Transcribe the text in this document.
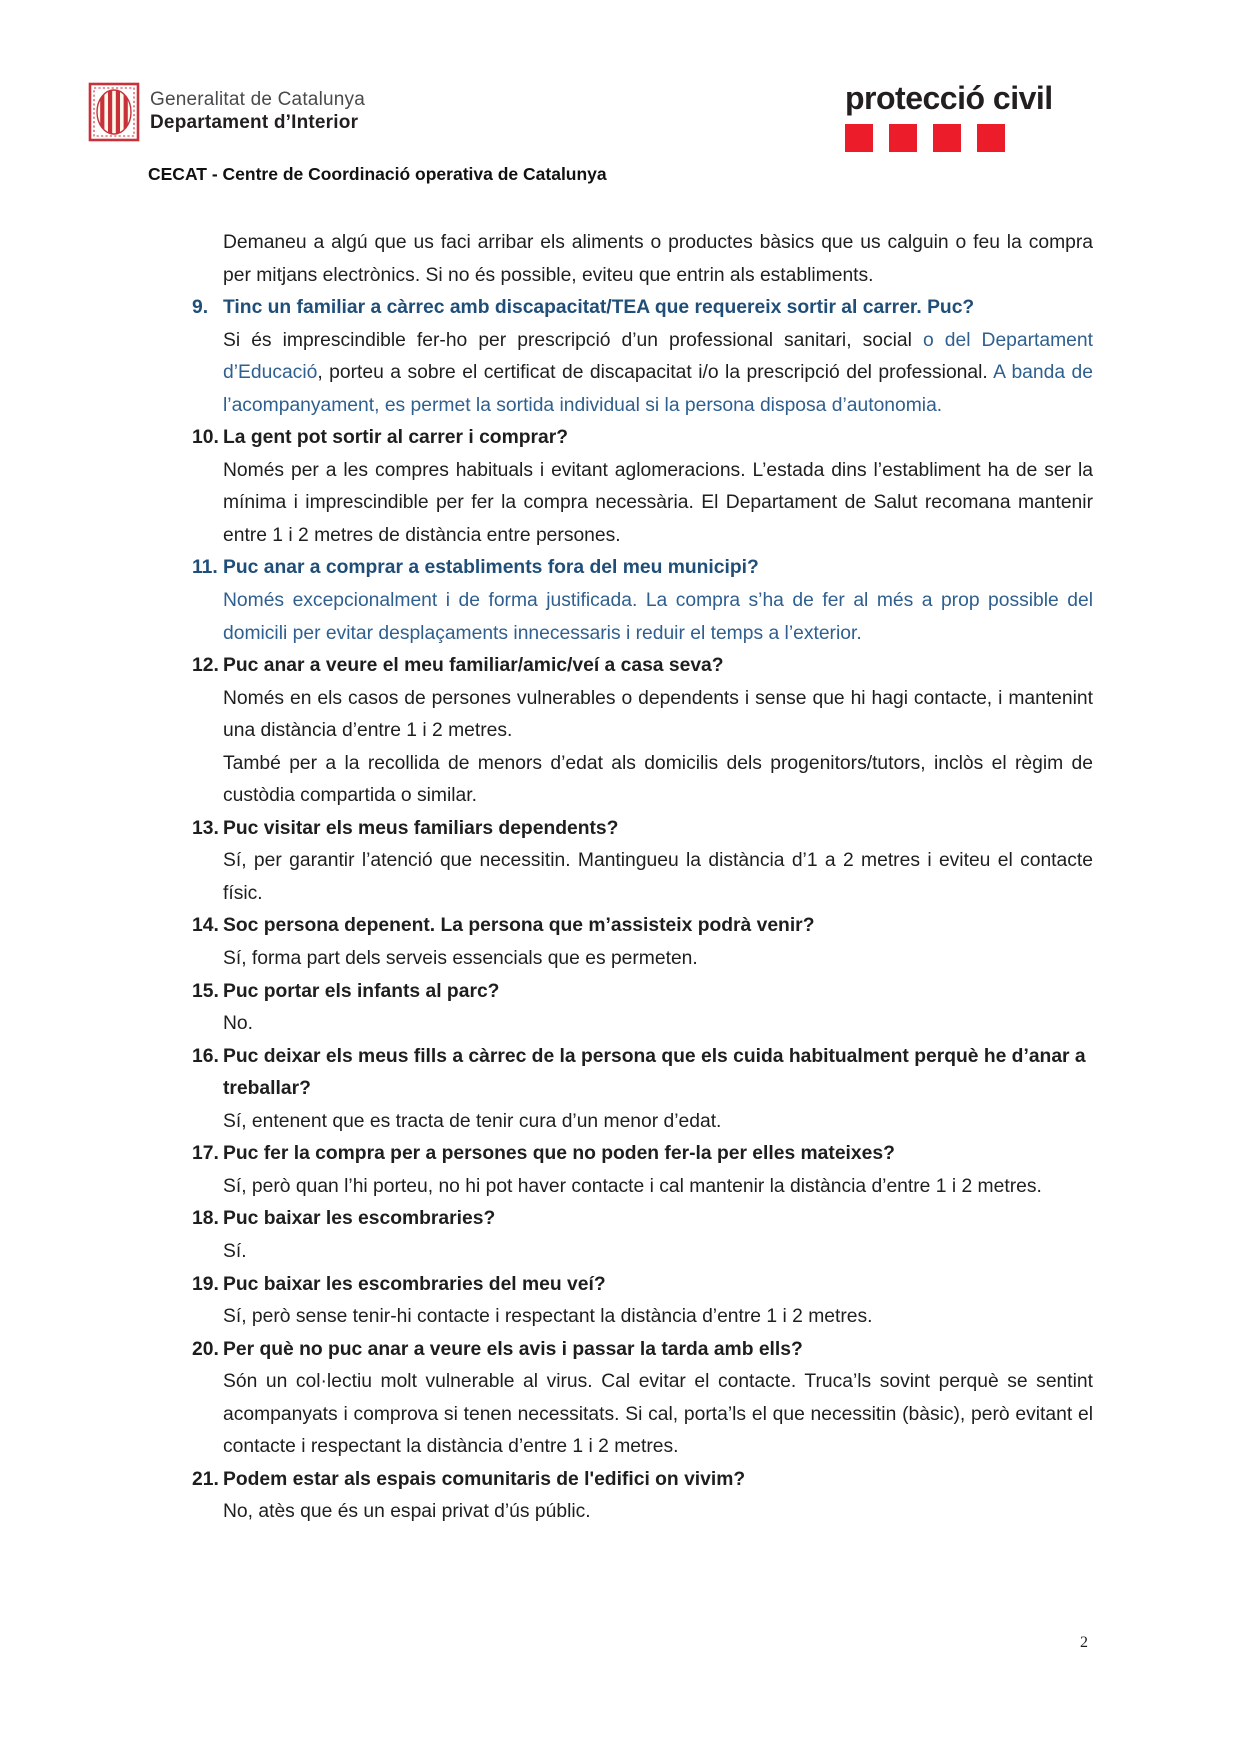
Generalitat de Catalunya
Departament d’Interior
protecció civil
CECAT - Centre de Coordinació operativa de Catalunya

Demaneu a algú que us faci arribar els aliments o productes bàsics que us calguin o feu la compra per mitjans electrònics. Si no és possible, eviteu que entrin als establiments.

9. Tinc un familiar a càrrec amb discapacitat/TEA que requereix sortir al carrer. Puc?
Si és imprescindible fer-ho per prescripció d’un professional sanitari, social o del Departament d’Educació, porteu a sobre el certificat de discapacitat i/o la prescripció del professional. A banda de l’acompanyament, es permet la sortida individual si la persona disposa d’autonomia.
10. La gent pot sortir al carrer i comprar?
Només per a les compres habituals i evitant aglomeracions. L’estada dins l’establiment ha de ser la mínima i imprescindible per fer la compra necessària. El Departament de Salut recomana mantenir entre 1 i 2 metres de distància entre persones.
11. Puc anar a comprar a establiments fora del meu municipi?
Només excepcionalment i de forma justificada. La compra s’ha de fer al més a prop possible del domicili per evitar desplaçaments innecessaris i reduir el temps a l’exterior.
12. Puc anar a veure el meu familiar/amic/veí a casa seva?
Només en els casos de persones vulnerables o dependents i sense que hi hagi contacte, i mantenint una distància d’entre 1 i 2 metres.
També per a la recollida de menors d’edat als domicilis dels progenitors/tutors, inclòs el règim de custòdia compartida o similar.
13. Puc visitar els meus familiars dependents?
Sí, per garantir l’atenció que necessitin. Mantingueu la distància d’1 a 2 metres i eviteu el contacte físic.
14. Soc persona depenent. La persona que m’assisteix podrà venir?
Sí, forma part dels serveis essencials que es permeten.
15. Puc portar els infants al parc?
No.
16. Puc deixar els meus fills a càrrec de la persona que els cuida habitualment perquè he d’anar a treballar?
Sí, entenent que es tracta de tenir cura d’un menor d’edat.
17. Puc fer la compra per a persones que no poden fer-la per elles mateixes?
Sí, però quan l’hi porteu, no hi pot haver contacte i cal mantenir la distància d’entre 1 i 2 metres.
18. Puc baixar les escombraries?
Sí.
19. Puc baixar les escombraries del meu veí?
Sí, però sense tenir-hi contacte i respectant la distància d’entre 1 i 2 metres.
20. Per què no puc anar a veure els avis i passar la tarda amb ells?
Són un col·lectiu molt vulnerable al virus. Cal evitar el contacte. Truca’ls sovint perquè se sentint acompanyats i comprova si tenen necessitats. Si cal, porta’ls el que necessitin (bàsic), però evitant el contacte i respectant la distància d’entre 1 i 2 metres.
21. Podem estar als espais comunitaris de l'edifici on vivim?
No, atès que és un espai privat d’ús públic.
2
